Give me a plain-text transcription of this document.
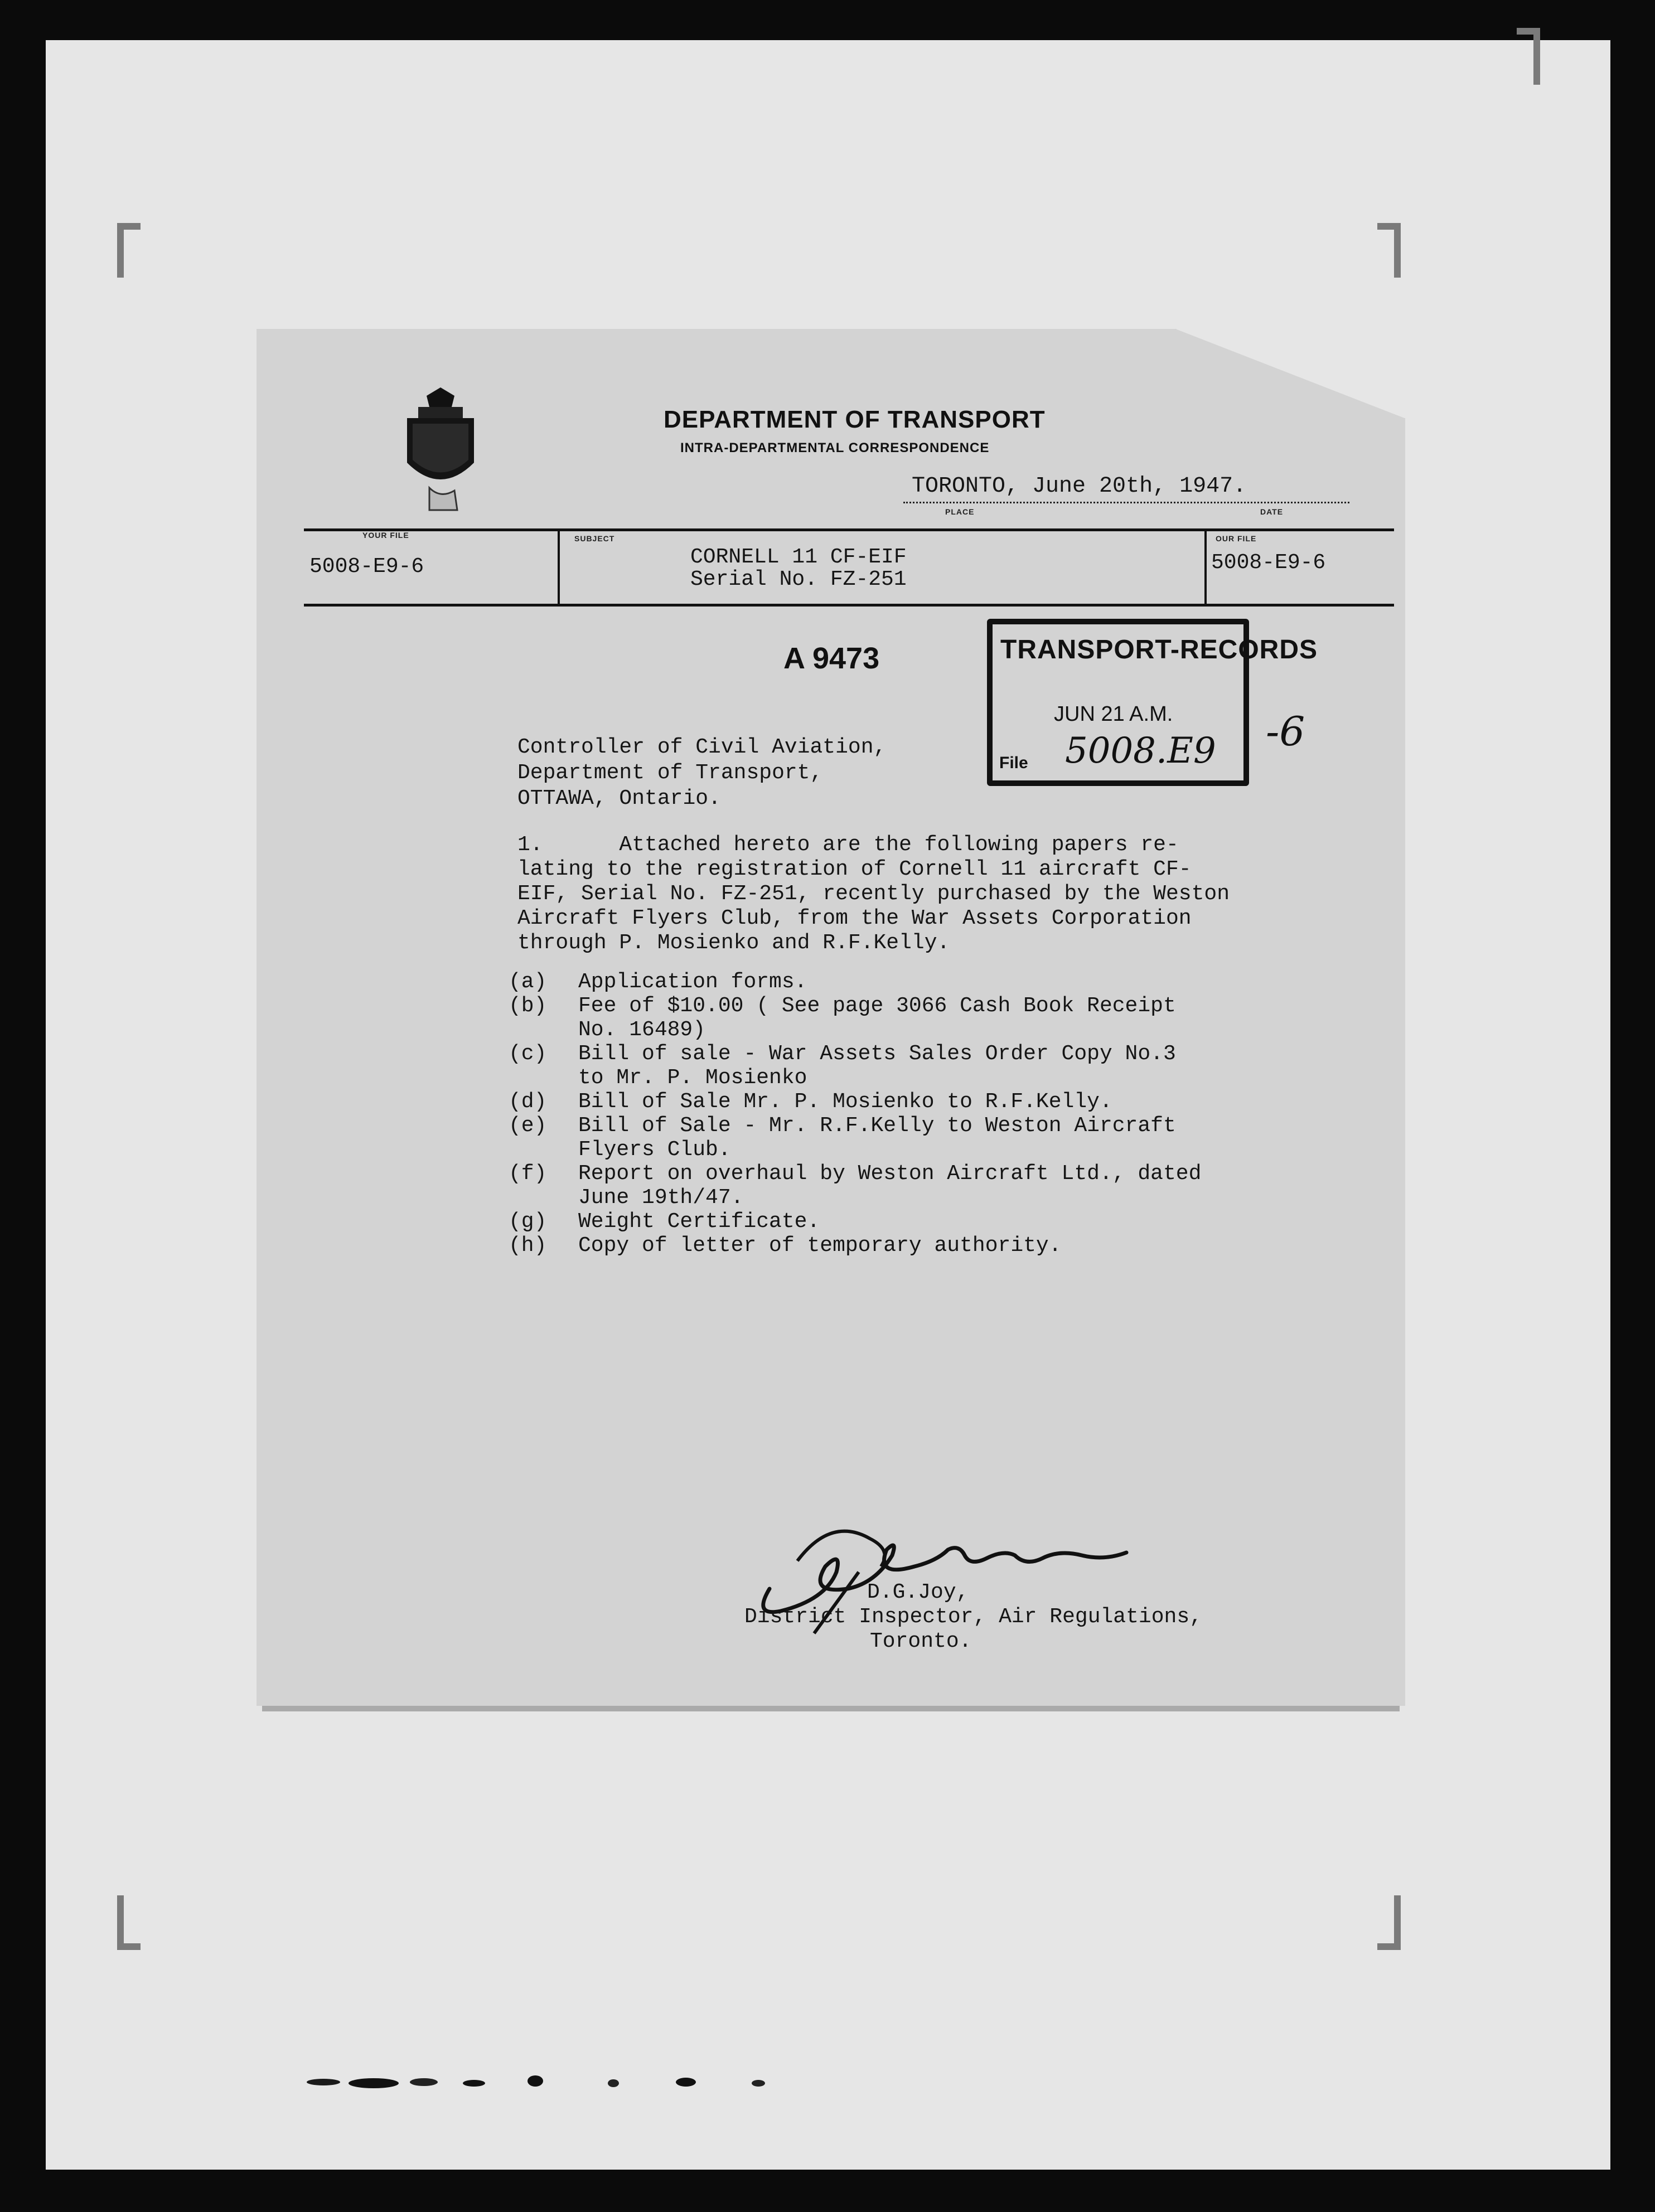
DEPARTMENT OF TRANSPORT
INTRA-DEPARTMENTAL CORRESPONDENCE
TORONTO, June 20th, 1947.
PLACE	DATE
YOUR FILE
5008-E9-6
SUBJECT
CORNELL 11 CF-EIF
Serial No. FZ-251
OUR FILE
5008-E9-6
A 9473	TRANSPORT-RECORDS
JUN 21 A.M.
File 5008.E9 -6
Controller of Civil Aviation,
Department of Transport,
OTTAWA, Ontario.
1.      Attached hereto are the following papers re-
lating to the registration of Cornell 11 aircraft CF-
EIF, Serial No. FZ-251, recently purchased by the Weston
Aircraft Flyers Club, from the War Assets Corporation
through P. Mosienko and R.F.Kelly.
(a)	Application forms.
(b)	Fee of $10.00 ( See page 3066 Cash Book Receipt
No. 16489)
(c)	Bill of sale - War Assets Sales Order Copy No.3
to Mr. P. Mosienko
(d)	Bill of Sale Mr. P. Mosienko to R.F.Kelly.
(e)	Bill of Sale - Mr. R.F.Kelly to Weston Aircraft
Flyers Club.
(f)	Report on overhaul by Weston Aircraft Ltd., dated
June 19th/47.
(g)	Weight Certificate.
(h)	Copy of letter of temporary authority.
D.G.Joy,
District Inspector, Air Regulations,
Toronto.
